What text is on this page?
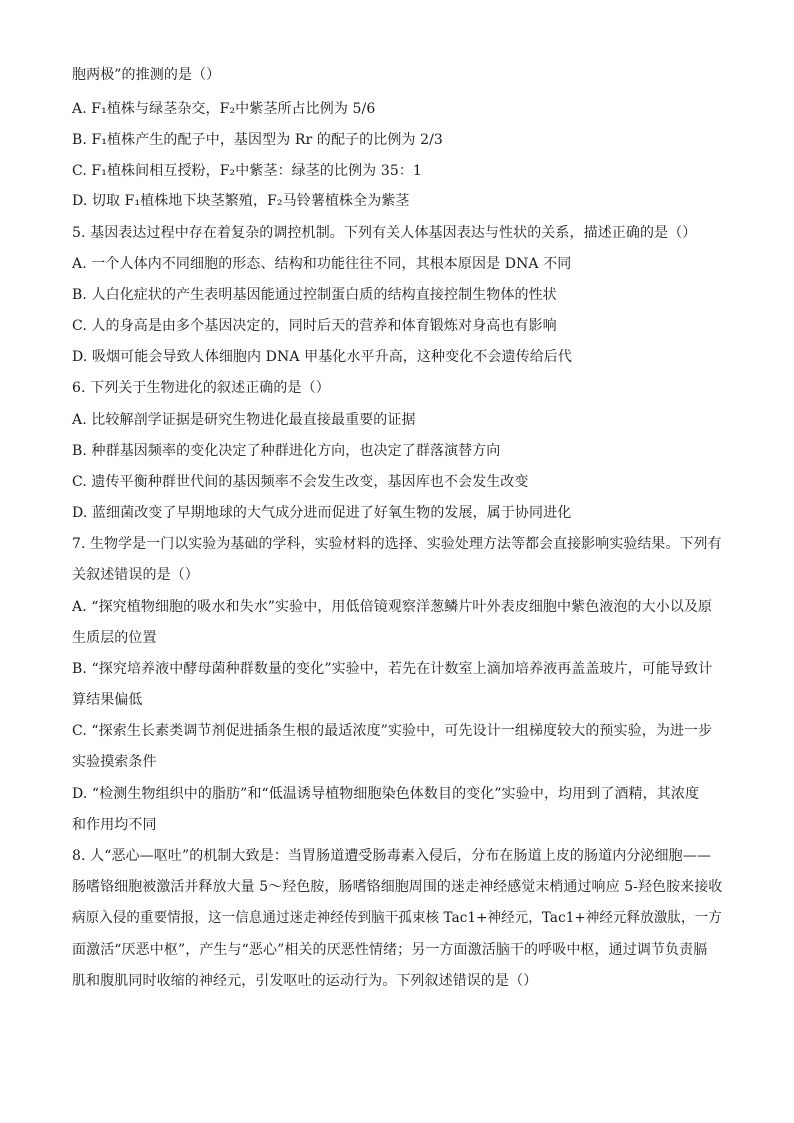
胞两极”的推测的是（）
A. F₁植株与绿茎杂交，F₂中紫茎所占比例为 5/6
B. F₁植株产生的配子中，基因型为 Rr 的配子的比例为 2/3
C. F₁植株间相互授粉，F₂中紫茎：绿茎的比例为 35：1
D. 切取 F₁植株地下块茎繁殖，F₂马铃薯植株全为紫茎
5. 基因表达过程中存在着复杂的调控机制。下列有关人体基因表达与性状的关系，描述正确的是（）
A. 一个人体内不同细胞的形态、结构和功能往往不同，其根本原因是 DNA 不同
B. 人白化症状的产生表明基因能通过控制蛋白质的结构直接控制生物体的性状
C. 人的身高是由多个基因决定的，同时后天的营养和体育锻炼对身高也有影响
D. 吸烟可能会导致人体细胞内 DNA 甲基化水平升高，这种变化不会遗传给后代
6. 下列关于生物进化的叙述正确的是（）
A. 比较解剖学证据是研究生物进化最直接最重要的证据
B. 种群基因频率的变化决定了种群进化方向，也决定了群落演替方向
C. 遗传平衡种群世代间的基因频率不会发生改变，基因库也不会发生改变
D. 蓝细菌改变了早期地球的大气成分进而促进了好氧生物的发展，属于协同进化
7. 生物学是一门以实验为基础的学科，实验材料的选择、实验处理方法等都会直接影响实验结果。下列有
关叙述错误的是（）
A. “探究植物细胞的吸水和失水”实验中，用低倍镜观察洋葱鳞片叶外表皮细胞中紫色液泡的大小以及原
生质层的位置
B. “探究培养液中酵母菌种群数量的变化”实验中，若先在计数室上滴加培养液再盖盖玻片，可能导致计
算结果偏低
C. “探索生长素类调节剂促进插条生根的最适浓度”实验中，可先设计一组梯度较大的预实验，为进一步
实验摸索条件
D. “检测生物组织中的脂肪”和“低温诱导植物细胞染色体数目的变化”实验中，均用到了酒精，其浓度
和作用均不同
8. 人“恶心—呕吐”的机制大致是：当胃肠道遭受肠毒素入侵后，分布在肠道上皮的肠道内分泌细胞——
肠嗜铬细胞被激活并释放大量 5～羟色胺，肠嗜铬细胞周围的迷走神经感觉末梢通过响应 5-羟色胺来接收
病原入侵的重要情报，这一信息通过迷走神经传到脑干孤束核 Tac1+神经元，Tac1+神经元释放激肽，一方
面激活“厌恶中枢”，产生与“恶心”相关的厌恶性情绪；另一方面激活脑干的呼吸中枢，通过调节负责膈
肌和腹肌同时收缩的神经元，引发呕吐的运动行为。下列叙述错误的是（）
